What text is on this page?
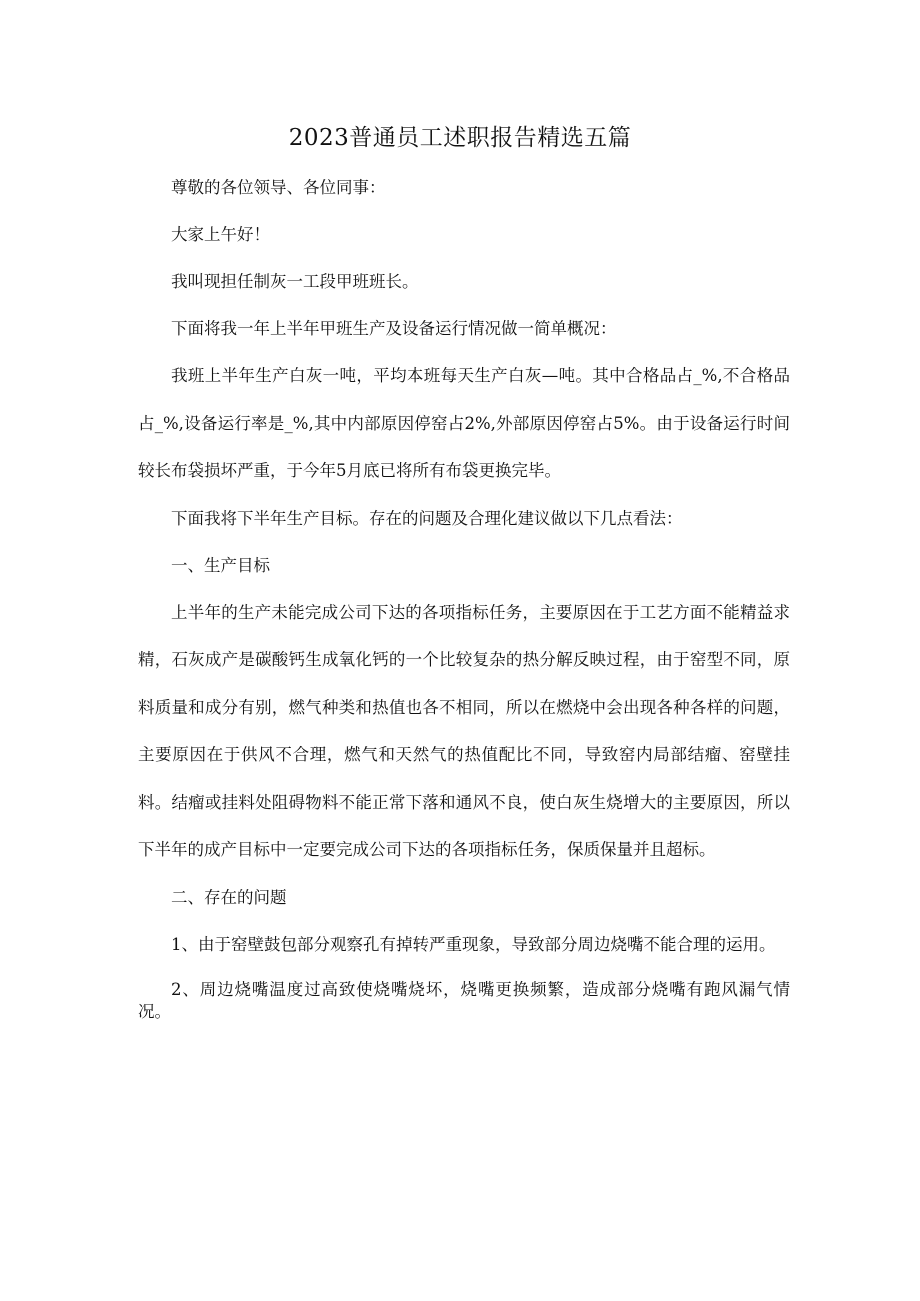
2023普通员工述职报告精选五篇

尊敬的各位领导、各位同事：

大家上午好！

我叫现担任制灰一工段甲班班长。

下面将我一年上半年甲班生产及设备运行情况做一简单概况：

我班上半年生产白灰一吨，平均本班每天生产白灰—吨。其中合格品占_%,不合格品占_%,设备运行率是_%,其中内部原因停窑占2%,外部原因停窑占5%。由于设备运行时间较长布袋损坏严重，于今年5月底已将所有布袋更换完毕。

下面我将下半年生产目标。存在的问题及合理化建议做以下几点看法：

一、生产目标

上半年的生产未能完成公司下达的各项指标任务，主要原因在于工艺方面不能精益求精，石灰成产是碳酸钙生成氧化钙的一个比较复杂的热分解反映过程，由于窑型不同，原料质量和成分有别，燃气种类和热值也各不相同，所以在燃烧中会出现各种各样的问题，主要原因在于供风不合理，燃气和天然气的热值配比不同，导致窑内局部结瘤、窑壁挂料。结瘤或挂料处阻碍物料不能正常下落和通风不良，使白灰生烧增大的主要原因，所以下半年的成产目标中一定要完成公司下达的各项指标任务，保质保量并且超标。

二、存在的问题

1、由于窑壁鼓包部分观察孔有掉转严重现象，导致部分周边烧嘴不能合理的运用。

2、周边烧嘴温度过高致使烧嘴烧坏，烧嘴更换频繁，造成部分烧嘴有跑风漏气情况。
